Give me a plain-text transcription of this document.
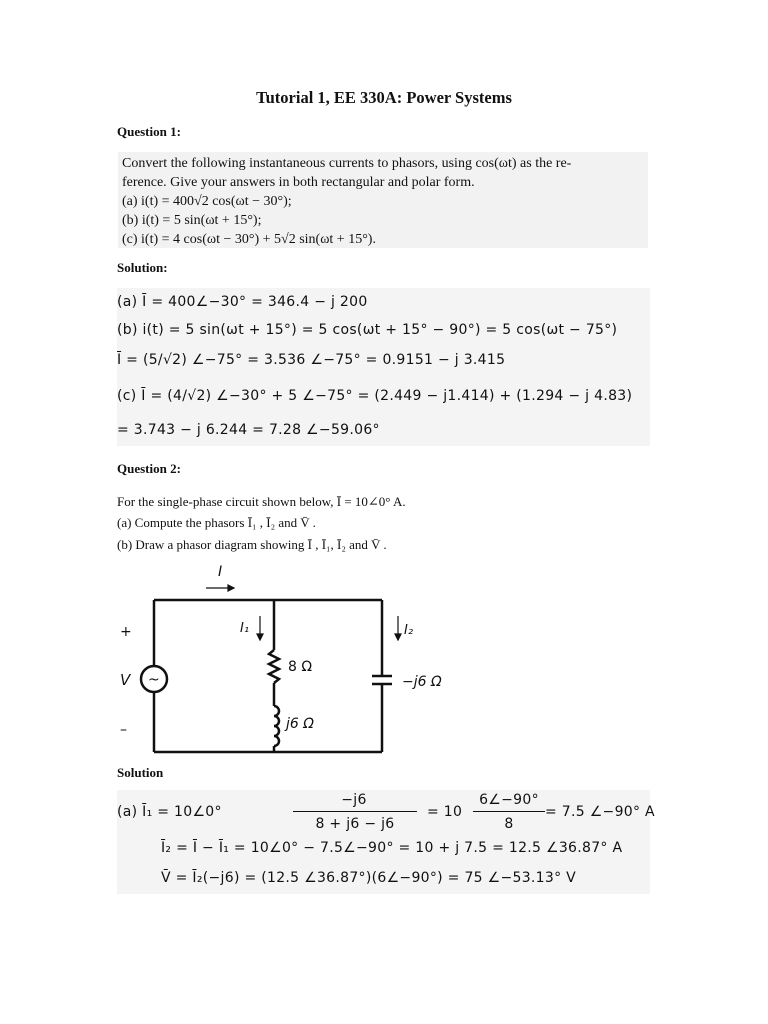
Tutorial 1, EE 330A: Power Systems
Question 1:
Convert the following instantaneous currents to phasors, using cos(ωt) as the re-
ference. Give your answers in both rectangular and polar form.
(a) i(t) = 400√2 cos(ωt − 30°);
(b) i(t) = 5 sin(ωt + 15°);
(c) i(t) = 4 cos(ωt − 30°) + 5√2 sin(ωt + 15°).
Solution:
(a) Ī = 400∠−30° = 346.4 − j 200
(b) i(t) = 5 sin(ωt + 15°) = 5 cos(ωt + 15° − 90°) = 5 cos(ωt − 75°)
Ī = (5/√2) ∠−75° = 3.536 ∠−75° = 0.9151 − j 3.415
(c) Ī = (4/√2) ∠−30° + 5 ∠−75° = (2.449 − j1.414) + (1.294 − j 4.83)
= 3.743 − j 6.244 = 7.28 ∠−59.06°
Question 2:
For the single-phase circuit shown below, Ī = 10∠0° A.
(a) Compute the phasors Ī₁ , Ī₂ and V̄ .
(b) Draw a phasor diagram showing Ī , Ī₁, Ī₂ and V̄ .
I
I₁	I₂
+
–
V ~
8 Ω
j6 Ω
−j6 Ω
Solution
(a) Ī₁ = 10∠0°
−j6
8 + j6 − j6
= 10
6∠−90°
8
= 7.5 ∠−90° A
Ī₂ = Ī − Ī₁ = 10∠0° − 7.5∠−90° = 10 + j 7.5 = 12.5 ∠36.87° A
V̄ = Ī₂(−j6) = (12.5 ∠36.87°)(6∠−90°) = 75 ∠−53.13° V
